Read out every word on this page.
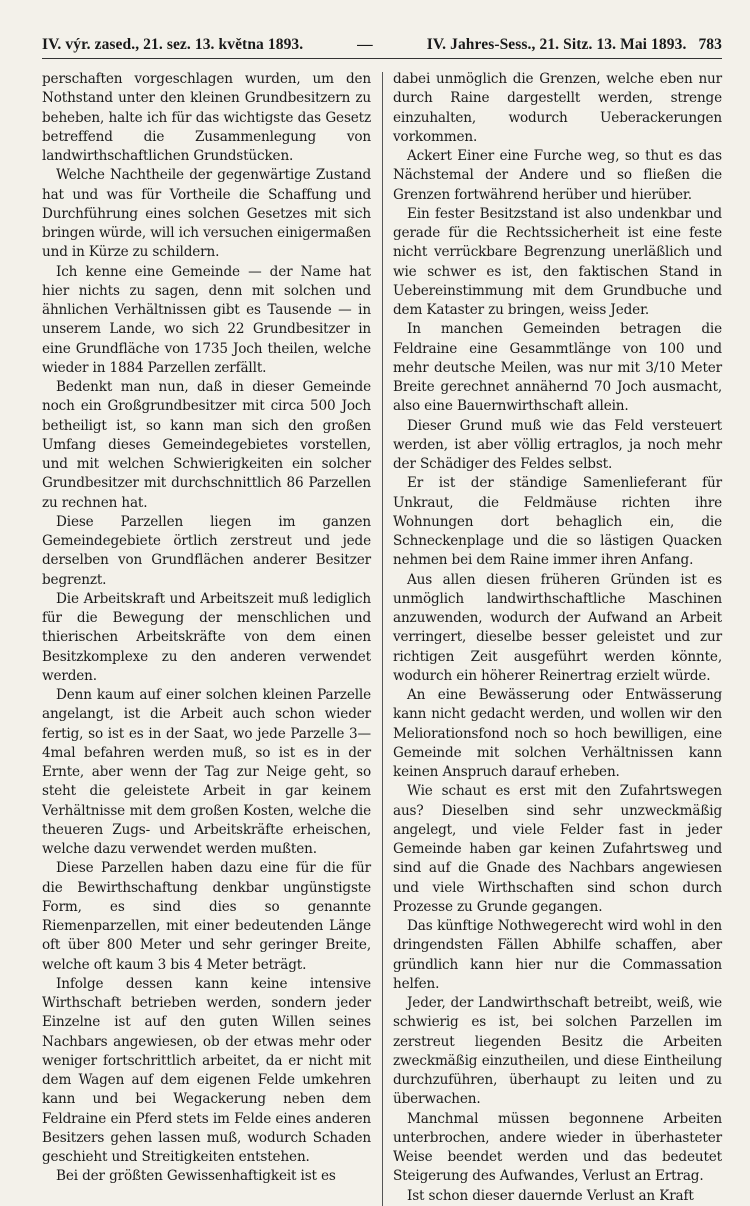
IV. výr. zased., 21. sez. 13. května 1893.	—	IV. Jahres-Sess., 21. Sitz. 13. Mai 1893. 783

perschaften vorgeschlagen wurden, um den Nothstand unter den kleinen Grundbesitzern zu beheben, halte ich für das wichtigste das Gesetz betreffend die Zusammenlegung von landwirthschaftlichen Grundstücken.

Welche Nachtheile der gegenwärtige Zustand hat und was für Vortheile die Schaffung und Durchführung eines solchen Gesetzes mit sich bringen würde, will ich versuchen einigermaßen und in Kürze zu schildern.

Ich kenne eine Gemeinde — der Name hat hier nichts zu sagen, denn mit solchen und ähnlichen Verhältnissen gibt es Tausende — in unserem Lande, wo sich 22 Grundbesitzer in eine Grundfläche von 1735 Joch theilen, welche wieder in 1884 Parzellen zerfällt.

Bedenkt man nun, daß in dieser Gemeinde noch ein Großgrundbesitzer mit circa 500 Joch betheiligt ist, so kann man sich den großen Umfang dieses Gemeindegebietes vorstellen, und mit welchen Schwierigkeiten ein solcher Grundbesitzer mit durchschnittlich 86 Parzellen zu rechnen hat.

Diese Parzellen liegen im ganzen Gemeindegebiete örtlich zerstreut und jede derselben von Grundflächen anderer Besitzer begrenzt.

Die Arbeitskraft und Arbeitszeit muß lediglich für die Bewegung der menschlichen und thierischen Arbeitskräfte von dem einen Besitzkomplexe zu den anderen verwendet werden.

Denn kaum auf einer solchen kleinen Parzelle angelangt, ist die Arbeit auch schon wieder fertig, so ist es in der Saat, wo jede Parzelle 3—4mal befahren werden muß, so ist es in der Ernte, aber wenn der Tag zur Neige geht, so steht die geleistete Arbeit in gar keinem Verhältnisse mit dem großen Kosten, welche die theueren Zugs- und Arbeitskräfte erheischen, welche dazu verwendet werden mußten.

Diese Parzellen haben dazu eine für die für die Bewirthschaftung denkbar ungünstigste Form, es sind dies so genannte Riemenparzellen, mit einer bedeutenden Länge oft über 800 Meter und sehr geringer Breite, welche oft kaum 3 bis 4 Meter beträgt.

Infolge dessen kann keine intensive Wirthschaft betrieben werden, sondern jeder Einzelne ist auf den guten Willen seines Nachbars angewiesen, ob der etwas mehr oder weniger fortschrittlich arbeitet, da er nicht mit dem Wagen auf dem eigenen Felde umkehren kann und bei Wegackerung neben dem Feldraine ein Pferd stets im Felde eines anderen Besitzers gehen lassen muß, wodurch Schaden geschieht und Streitigkeiten entstehen.

Bei der größten Gewissenhaftigkeit ist es

dabei unmöglich die Grenzen, welche eben nur durch Raine dargestellt werden, strenge einzuhalten, wodurch Ueberackerungen vorkommen.

Ackert Einer eine Furche weg, so thut es das Nächstemal der Andere und so fließen die Grenzen fortwährend herüber und hierüber.

Ein fester Besitzstand ist also undenkbar und gerade für die Rechtssicherheit ist eine feste nicht verrückbare Begrenzung unerläßlich und wie schwer es ist, den faktischen Stand in Uebereinstimmung mit dem Grundbuche und dem Kataster zu bringen, weiss Jeder.

In manchen Gemeinden betragen die Feldraine eine Gesammtlänge von 100 und mehr deutsche Meilen, was nur mit 3/10 Meter Breite gerechnet annähernd 70 Joch ausmacht, also eine Bauernwirthschaft allein.

Dieser Grund muß wie das Feld versteuert werden, ist aber völlig ertraglos, ja noch mehr der Schädiger des Feldes selbst.

Er ist der ständige Samenlieferant für Unkraut, die Feldmäuse richten ihre Wohnungen dort behaglich ein, die Schneckenplage und die so lästigen Quacken nehmen bei dem Raine immer ihren Anfang.

Aus allen diesen früheren Gründen ist es unmöglich landwirthschaftliche Maschinen anzuwenden, wodurch der Aufwand an Arbeit verringert, dieselbe besser geleistet und zur richtigen Zeit ausgeführt werden könnte, wodurch ein höherer Reinertrag erzielt würde.

An eine Bewässerung oder Entwässerung kann nicht gedacht werden, und wollen wir den Meliorationsfond noch so hoch bewilligen, eine Gemeinde mit solchen Verhältnissen kann keinen Anspruch darauf erheben.

Wie schaut es erst mit den Zufahrtswegen aus? Dieselben sind sehr unzweckmäßig angelegt, und viele Felder fast in jeder Gemeinde haben gar keinen Zufahrtsweg und sind auf die Gnade des Nachbars angewiesen und viele Wirthschaften sind schon durch Prozesse zu Grunde gegangen.

Das künftige Nothwegerecht wird wohl in den dringendsten Fällen Abhilfe schaffen, aber gründlich kann hier nur die Commassation helfen.

Jeder, der Landwirthschaft betreibt, weiß, wie schwierig es ist, bei solchen Parzellen im zerstreut liegenden Besitz die Arbeiten zweckmäßig einzutheilen, und diese Eintheilung durchzuführen, überhaupt zu leiten und zu überwachen.

Manchmal müssen begonnene Arbeiten unterbrochen, andere wieder in überhasteter Weise beendet werden und das bedeutet Steigerung des Aufwandes, Verlust an Ertrag.

Ist schon dieser dauernde Verlust an Kraft
